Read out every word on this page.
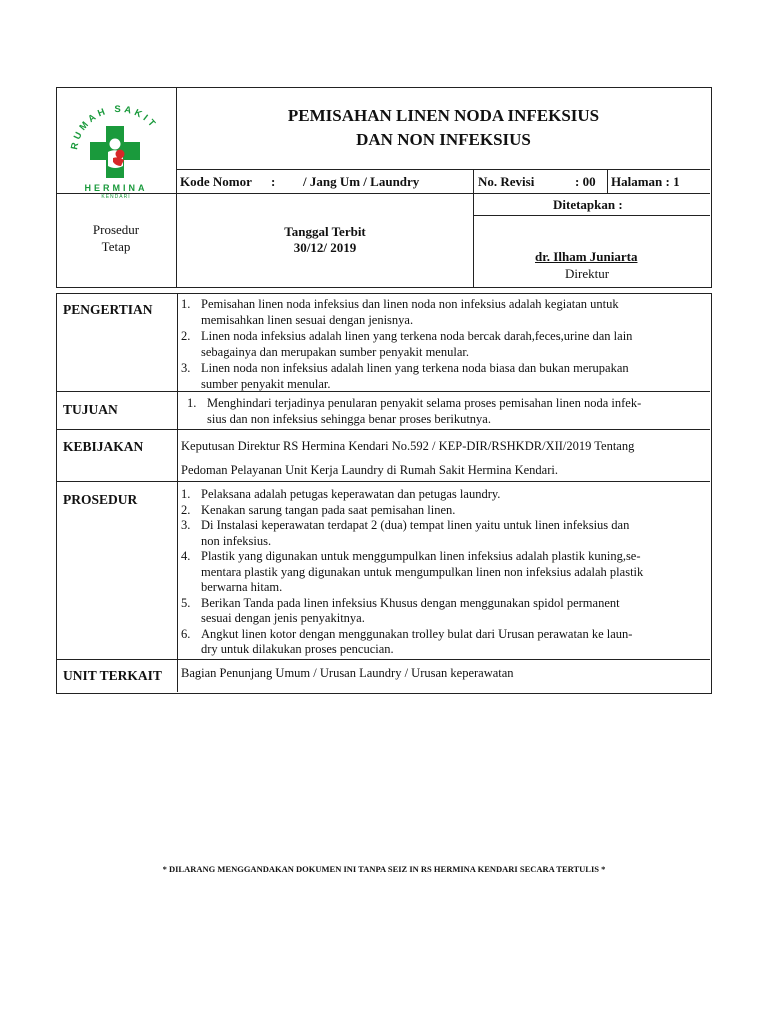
RUMAH SAKIT
HERMINA
KENDARI
Prosedur
Tetap
PEMISAHAN LINEN NODA INFEKSIUS
DAN NON INFEKSIUS
Kode Nomor : / Jang Um / Laundry	No. Revisi	: 00 Halaman : 1
Tanggal Terbit
30/12/ 2019
Ditetapkan :
dr. Ilham Juniarta
Direktur
PENGERTIAN 1. Pemisahan linen noda infeksius dan linen noda non infeksius adalah kegiatan untuk
memisahkan linen sesuai dengan jenisnya.
2. Linen noda infeksius adalah linen yang terkena noda bercak darah,feces,urine dan lain
sebagainya dan merupakan sumber penyakit menular.
3. Linen noda non infeksius adalah linen yang terkena noda biasa dan bukan merupakan
sumber penyakit menular.
TUJUAN	1. Menghindari terjadinya penularan penyakit selama proses pemisahan linen noda infek-
sius dan non infeksius sehingga benar proses berikutnya.
KEBIJAKAN	Keputusan Direktur RS Hermina Kendari No.592 / KEP-DIR/RSHKDR/XII/2019 Tentang
Pedoman Pelayanan Unit Kerja Laundry di Rumah Sakit Hermina Kendari.
PROSEDUR	1. Pelaksana adalah petugas keperawatan dan petugas laundry.
2. Kenakan sarung tangan pada saat pemisahan linen.
3. Di Instalasi keperawatan terdapat 2 (dua) tempat linen yaitu untuk linen infeksius dan
non infeksius.
4. Plastik yang digunakan untuk menggumpulkan linen infeksius adalah plastik kuning,se-
mentara plastik yang digunakan untuk mengumpulkan linen non infeksius adalah plastik
berwarna hitam.
5. Berikan Tanda pada linen infeksius Khusus dengan menggunakan spidol permanent
sesuai dengan jenis penyakitnya.
6. Angkut linen kotor dengan menggunakan trolley bulat dari Urusan perawatan ke laun-
dry untuk dilakukan proses pencucian.
UNIT TERKAIT Bagian Penunjang Umum / Urusan Laundry / Urusan keperawatan
* DILARANG MENGGANDAKAN DOKUMEN INI TANPA SEIZ IN RS HERMINA KENDARI SECARA TERTULIS *
